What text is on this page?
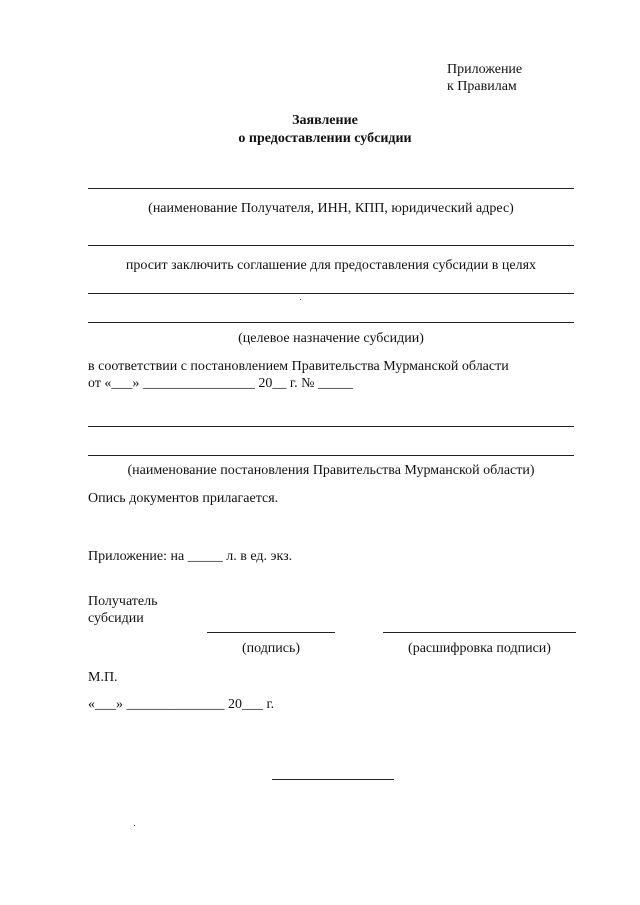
Приложение
к Правилам
Заявление
о предоставлении субсидии
(наименование Получателя, ИНН, КПП, юридический адрес)
просит заключить соглашение для предоставления субсидии в целях
(целевое назначение субсидии)
в соответствии с постановлением Правительства Мурманской области
от «___» ________________ 20__ г. № _____
(наименование постановления Правительства Мурманской области)
Опись документов прилагается.
Приложение: на _____ л. в ед. экз.
Получатель
субсидии
(подпись)	(расшифровка подписи)
М.П.
«___» ______________ 20___ г.
